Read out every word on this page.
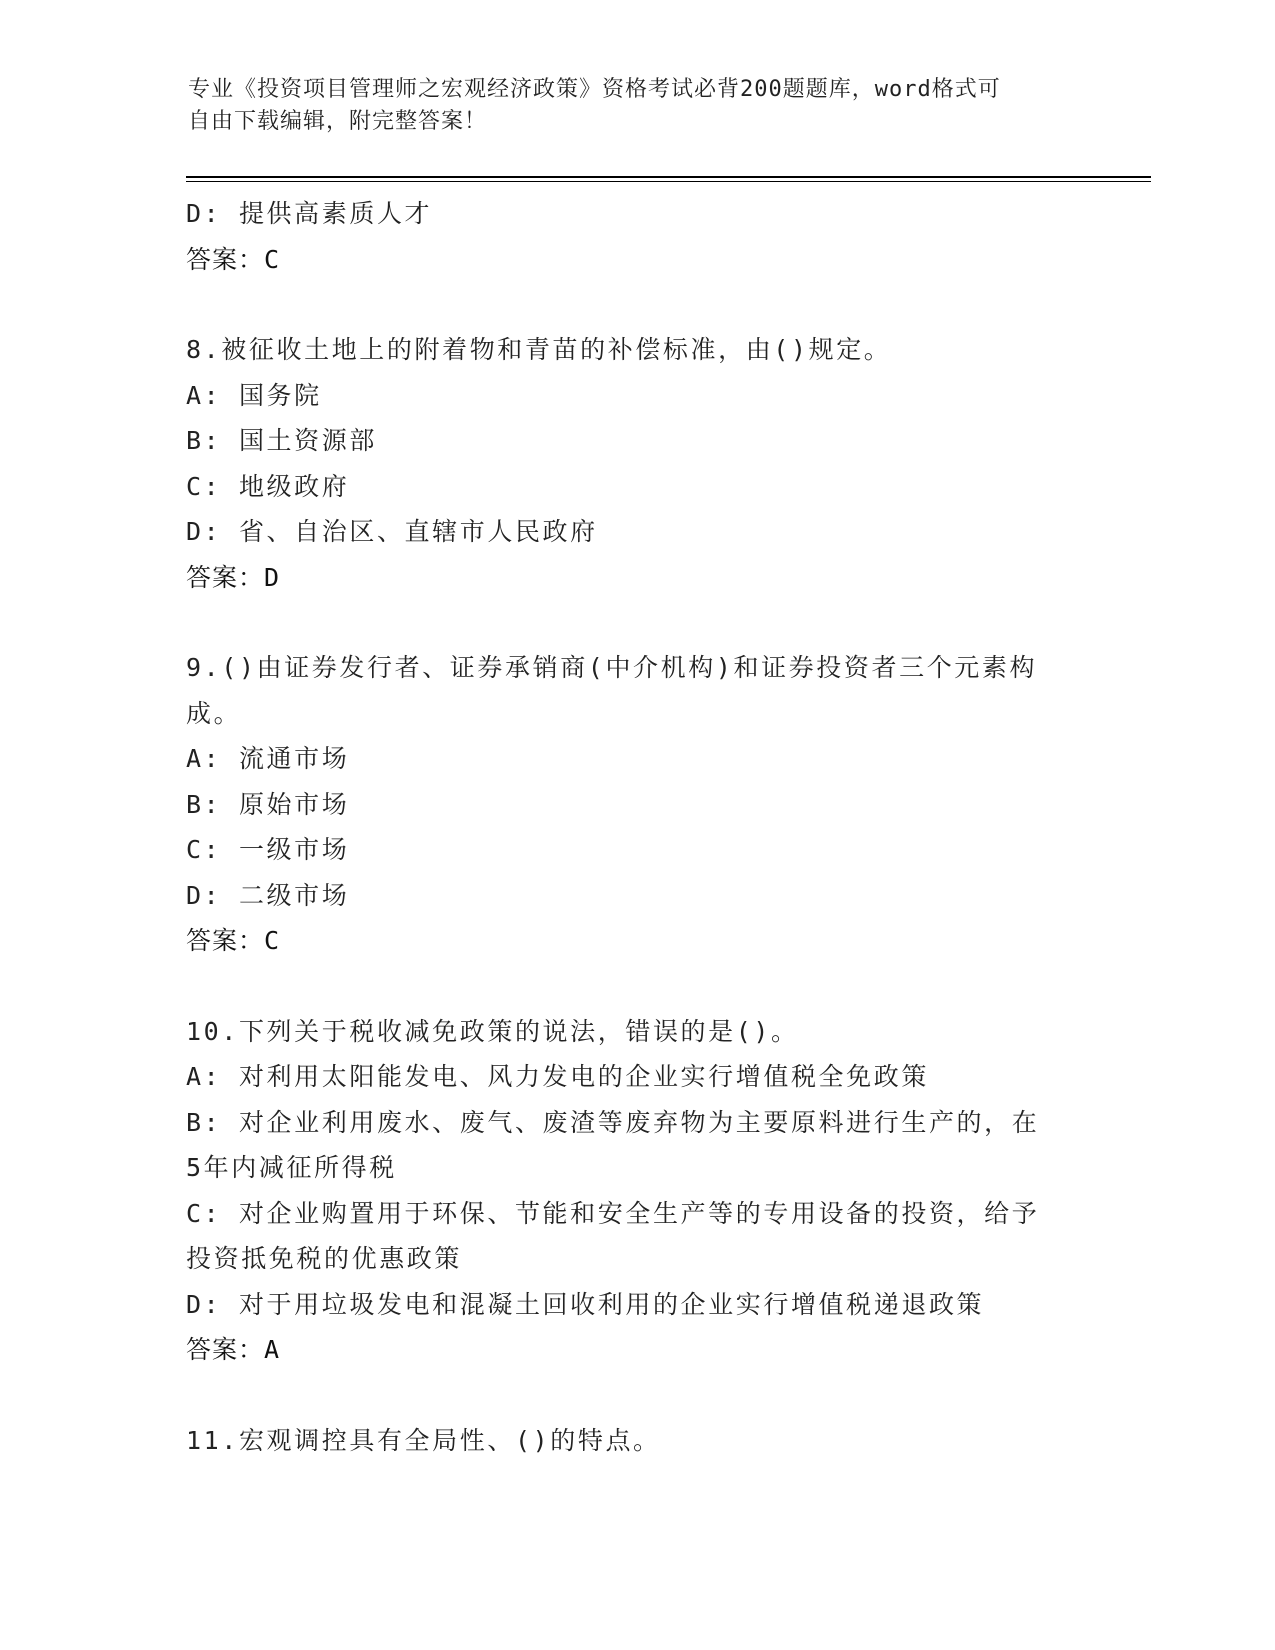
专业《投资项目管理师之宏观经济政策》资格考试必背200题题库，word格式可
自由下载编辑，附完整答案！
D: 提供高素质人才
答案：C
8.被征收土地上的附着物和青苗的补偿标准，由()规定。
A: 国务院
B: 国土资源部
C: 地级政府
D: 省、自治区、直辖市人民政府
答案：D
9.()由证券发行者、证券承销商(中介机构)和证券投资者三个元素构
成。
A: 流通市场
B: 原始市场
C: 一级市场
D: 二级市场
答案：C
10.下列关于税收减免政策的说法，错误的是()。
A: 对利用太阳能发电、风力发电的企业实行增值税全免政策
B: 对企业利用废水、废气、废渣等废弃物为主要原料进行生产的，在
5年内减征所得税
C: 对企业购置用于环保、节能和安全生产等的专用设备的投资，给予
投资抵免税的优惠政策
D: 对于用垃圾发电和混凝土回收利用的企业实行增值税递退政策
答案：A
11.宏观调控具有全局性、()的特点。
